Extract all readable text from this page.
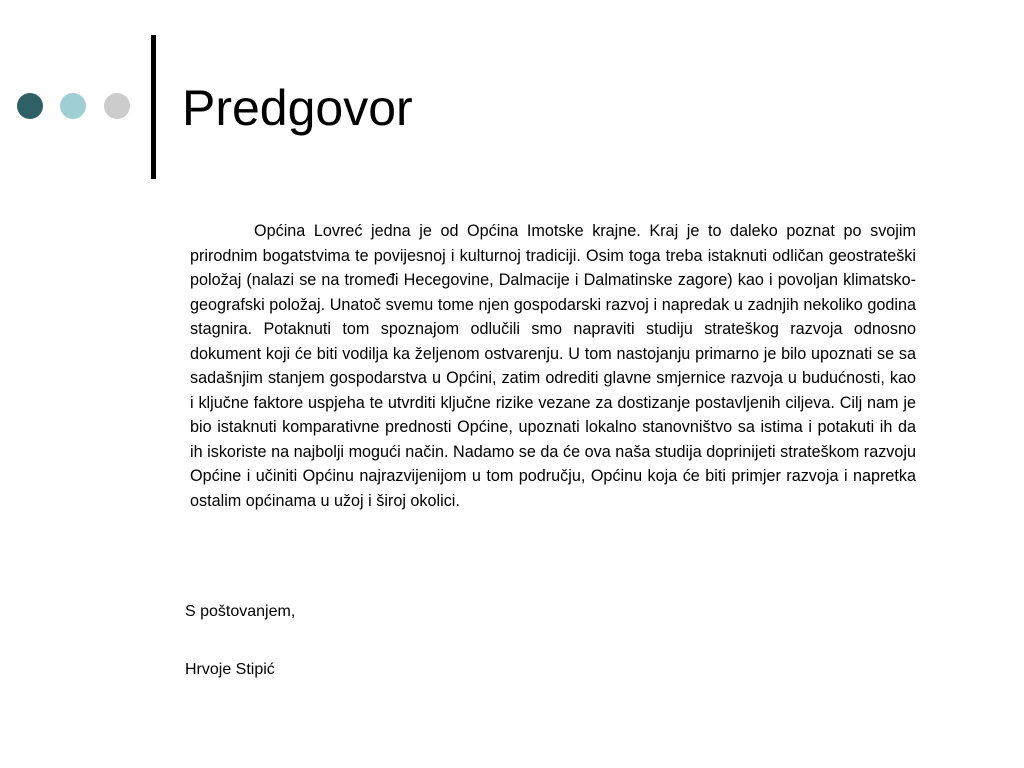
Predgovor

Općina Lovreć jedna je od Općina Imotske krajne. Kraj je to daleko poznat po svojim prirodnim bogatstvima te povijesnoj i kulturnoj tradiciji. Osim toga treba istaknuti odličan geostrateški položaj (nalazi se na tromeđi Hecegovine, Dalmacije i Dalmatinske zagore) kao i povoljan klimatsko-geografski položaj. Unatoč svemu tome njen gospodarski razvoj i napredak u zadnjih nekoliko godina stagnira. Potaknuti tom spoznajom odlučili smo napraviti studiju strateškog razvoja odnosno dokument koji će biti vodilja ka željenom ostvarenju. U tom nastojanju primarno je bilo upoznati se sa sadašnjim stanjem gospodarstva u Općini, zatim odrediti glavne smjernice razvoja u budućnosti, kao i ključne faktore uspjeha te utvrditi ključne rizike vezane za dostizanje postavljenih ciljeva. Cilj nam je bio istaknuti komparativne prednosti Općine, upoznati lokalno stanovništvo sa istima i potakuti ih da ih iskoriste na najbolji mogući način. Nadamo se da će ova naša studija doprinijeti strateškom razvoju Općine i učiniti Općinu najrazvijenijom u tom području, Općinu koja će biti primjer razvoja i napretka ostalim općinama u užoj i široj okolici.

S poštovanjem,

Hrvoje Stipić
